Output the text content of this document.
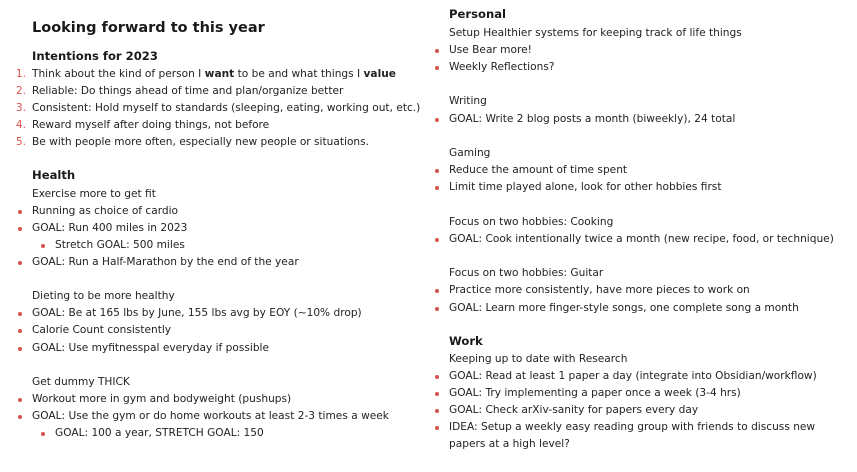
Looking forward to this year
Intentions for 2023
1. Think about the kind of person I want to be and what things I value
2. Reliable: Do things ahead of time and plan/organize better
3. Consistent: Hold myself to standards (sleeping, eating, working out, etc.)
4. Reward myself after doing things, not before
5. Be with people more often, especially new people or situations.
Health
Exercise more to get fit
Running as choice of cardio
GOAL: Run 400 miles in 2023
Stretch GOAL: 500 miles
GOAL: Run a Half-Marathon by the end of the year
Dieting to be more healthy
GOAL: Be at 165 lbs by June, 155 lbs avg by EOY (~10% drop)
Calorie Count consistently
GOAL: Use myfitnesspal everyday if possible
Get dummy THICK
Workout more in gym and bodyweight (pushups)
GOAL: Use the gym or do home workouts at least 2-3 times a week
GOAL: 100 a year, STRETCH GOAL: 150
Personal
Setup Healthier systems for keeping track of life things
Use Bear more!
Weekly Reflections?
Writing
GOAL: Write 2 blog posts a month (biweekly), 24 total
Gaming
Reduce the amount of time spent
Limit time played alone, look for other hobbies first
Focus on two hobbies: Cooking
GOAL: Cook intentionally twice a month (new recipe, food, or technique)
Focus on two hobbies: Guitar
Practice more consistently, have more pieces to work on
GOAL: Learn more finger-style songs, one complete song a month
Work
Keeping up to date with Research
GOAL: Read at least 1 paper a day (integrate into Obsidian/workflow)
GOAL: Try implementing a paper once a week (3-4 hrs)
GOAL: Check arXiv-sanity for papers every day
IDEA: Setup a weekly easy reading group with friends to discuss new
papers at a high level?
